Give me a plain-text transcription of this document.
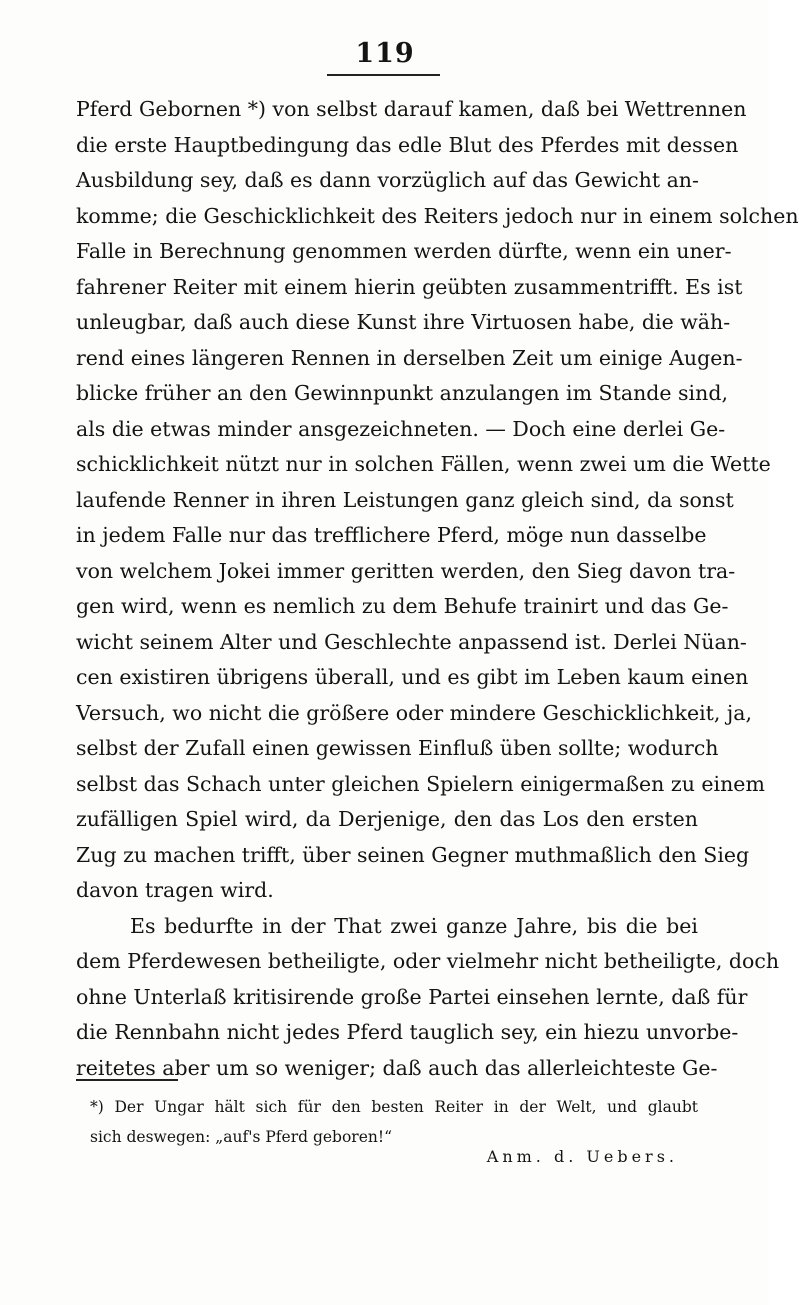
119
Pferd Gebornen *) von selbst darauf kamen, daß bei Wettrennen
die erste Hauptbedingung das edle Blut des Pferdes mit dessen
Ausbildung sey, daß es dann vorzüglich auf das Gewicht an-
komme; die Geschicklichkeit des Reiters jedoch nur in einem solchen
Falle in Berechnung genommen werden dürfte, wenn ein uner-
fahrener Reiter mit einem hierin geübten zusammentrifft. Es ist
unleugbar, daß auch diese Kunst ihre Virtuosen habe, die wäh-
rend eines längeren Rennen in derselben Zeit um einige Augen-
blicke früher an den Gewinnpunkt anzulangen im Stande sind,
als die etwas minder ansgezeichneten. — Doch eine derlei Ge-
schicklichkeit nützt nur in solchen Fällen, wenn zwei um die Wette
laufende Renner in ihren Leistungen ganz gleich sind, da sonst
in jedem Falle nur das trefflichere Pferd, möge nun dasselbe
von welchem Jokei immer geritten werden, den Sieg davon tra-
gen wird, wenn es nemlich zu dem Behufe trainirt und das Ge-
wicht seinem Alter und Geschlechte anpassend ist. Derlei Nüan-
cen existiren übrigens überall, und es gibt im Leben kaum einen
Versuch, wo nicht die größere oder mindere Geschicklichkeit, ja,
selbst der Zufall einen gewissen Einfluß üben sollte; wodurch
selbst das Schach unter gleichen Spielern einigermaßen zu einem
zufälligen Spiel wird, da Derjenige, den das Los den ersten
Zug zu machen trifft, über seinen Gegner muthmaßlich den Sieg
davon tragen wird.
Es bedurfte in der That zwei ganze Jahre, bis die bei
dem Pferdewesen betheiligte, oder vielmehr nicht betheiligte, doch
ohne Unterlaß kritisirende große Partei einsehen lernte, daß für
die Rennbahn nicht jedes Pferd tauglich sey, ein hiezu unvorbe-
reitetes aber um so weniger; daß auch das allerleichteste Ge-
*) Der Ungar hält sich für den besten Reiter in der Welt, und glaubt
sich deswegen: „auf's Pferd geboren!“
Anm. d. Uebers.
